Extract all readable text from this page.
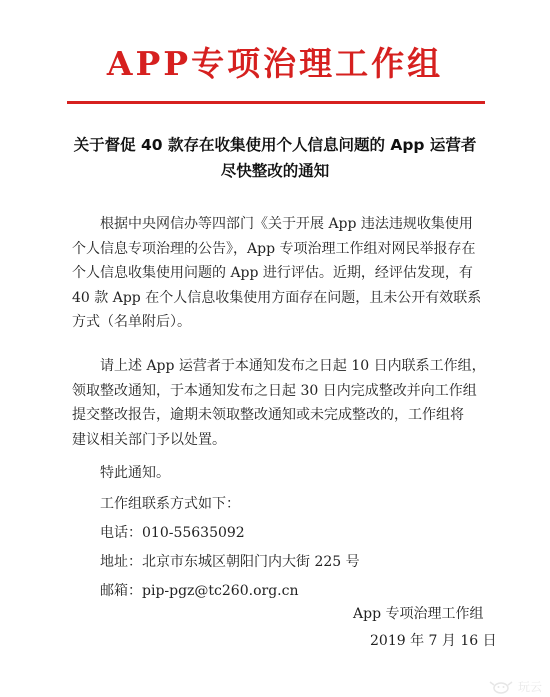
APP专项治理工作组
关于督促 40 款存在收集使用个人信息问题的 App 运营者
尽快整改的通知
根据中央网信办等四部门《关于开展 App 违法违规收集使用
个人信息专项治理的公告》，App 专项治理工作组对网民举报存在
个人信息收集使用问题的 App 进行评估。近期，经评估发现，有
40 款 App 在个人信息收集使用方面存在问题，且未公开有效联系
方式（名单附后）。
请上述 App 运营者于本通知发布之日起 10 日内联系工作组，
领取整改通知，于本通知发布之日起 30 日内完成整改并向工作组
提交整改报告，逾期未领取整改通知或未完成整改的，工作组将
建议相关部门予以处置。
特此通知。
工作组联系方式如下：
电话：010-55635092
地址：北京市东城区朝阳门内大街 225 号
邮箱：pip-pgz@tc260.org.cn
App 专项治理工作组
2019 年 7 月 16 日
玩云
